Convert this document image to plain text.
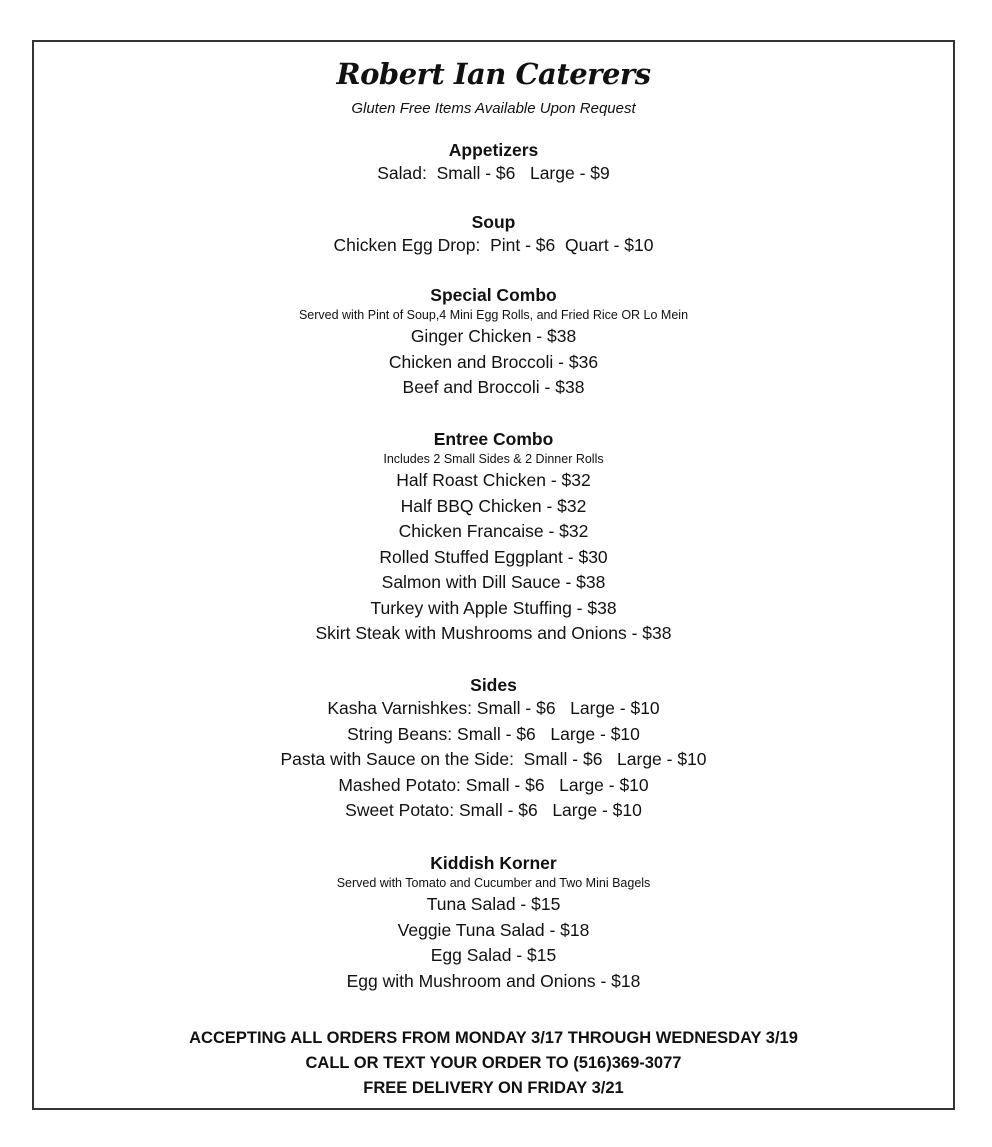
Robert Ian Caterers
Gluten Free Items Available Upon Request
Appetizers
Salad:  Small - $6   Large - $9
Soup
Chicken Egg Drop:  Pint - $6  Quart - $10
Special Combo
Served with Pint of Soup,4 Mini Egg Rolls, and Fried Rice OR Lo Mein
Ginger Chicken - $38
Chicken and Broccoli - $36
Beef and Broccoli - $38
Entree Combo
Includes 2 Small Sides & 2 Dinner Rolls
Half Roast Chicken - $32
Half BBQ Chicken - $32
Chicken Francaise - $32
Rolled Stuffed Eggplant - $30
Salmon with Dill Sauce - $38
Turkey with Apple Stuffing - $38
Skirt Steak with Mushrooms and Onions - $38
Sides
Kasha Varnishkes: Small - $6   Large - $10
String Beans: Small - $6   Large - $10
Pasta with Sauce on the Side:  Small - $6   Large - $10
Mashed Potato: Small - $6   Large - $10
Sweet Potato: Small - $6   Large - $10
Kiddish Korner
Served with Tomato and Cucumber and Two Mini Bagels
Tuna Salad - $15
Veggie Tuna Salad - $18
Egg Salad - $15
Egg with Mushroom and Onions - $18
ACCEPTING ALL ORDERS FROM MONDAY 3/17 THROUGH WEDNESDAY 3/19
CALL OR TEXT YOUR ORDER TO (516)369-3077
FREE DELIVERY ON FRIDAY 3/21
